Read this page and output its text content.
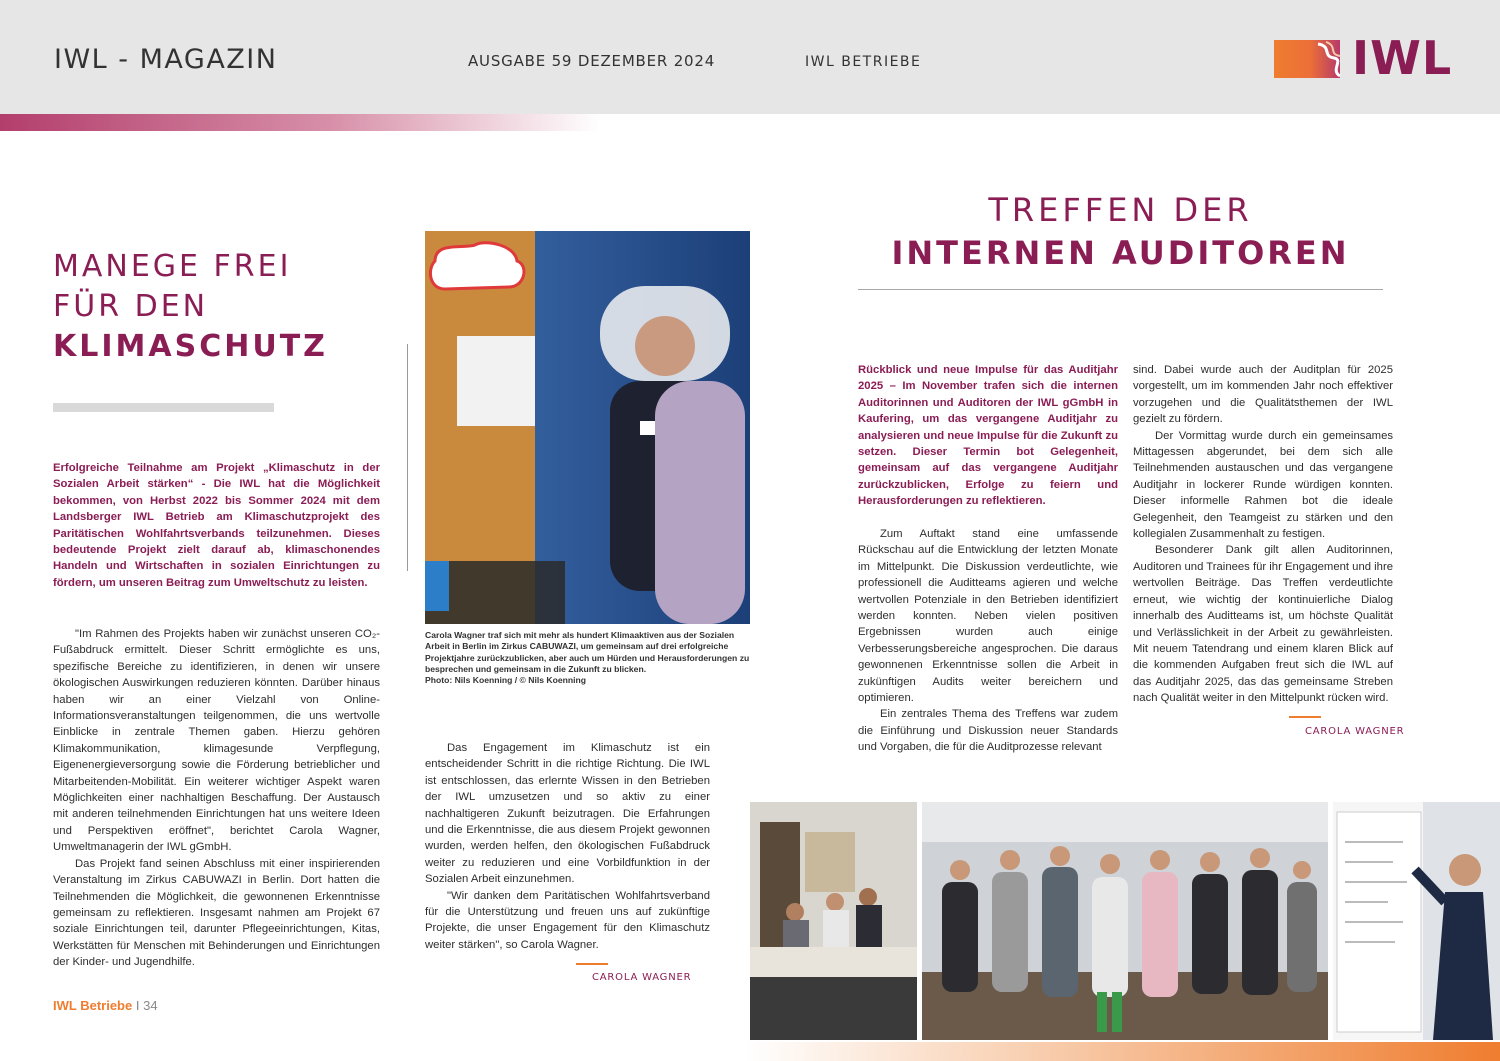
IWL - MAGAZIN	AUSGABE 59 DEZEMBER 2024	IWL BETRIEBE	IWL
MANEGE FREI
FÜR DEN
KLIMASCHUTZ

Erfolgreiche Teilnahme am Projekt „Klimaschutz in der Sozialen Arbeit stärken“ - Die IWL hat die Möglichkeit bekommen, von Herbst 2022 bis Sommer 2024 mit dem Landsberger IWL Betrieb am Klimaschutzprojekt des Paritätischen Wohlfahrtsverbands teilzunehmen. Dieses bedeutende Projekt zielt darauf ab, klimaschonendes Handeln und Wirtschaften in sozialen Einrichtungen zu fördern, um unseren Beitrag zum Umweltschutz zu leisten.

"Im Rahmen des Projekts haben wir zunächst unseren CO₂-Fußabdruck ermittelt. Dieser Schritt ermöglichte es uns, spezifische Bereiche zu identifizieren, in denen wir unsere ökologischen Auswirkungen reduzieren könnten. Darüber hinaus haben wir an einer Vielzahl von Online-Informationsveranstaltungen teilgenommen, die uns wertvolle Einblicke in zentrale Themen gaben. Hierzu gehören Klimakommunikation, klimagesunde Verpflegung, Eigenenergieversorgung sowie die Förderung betrieblicher und Mitarbeitenden-Mobilität. Ein weiterer wichtiger Aspekt waren Möglichkeiten einer nachhaltigen Beschaffung. Der Austausch mit anderen teilnehmenden Einrichtungen hat uns weitere Ideen und Perspektiven eröffnet", berichtet Carola Wagner, Umweltmanagerin der IWL gGmbH.

Das Projekt fand seinen Abschluss mit einer inspirierenden Veranstaltung im Zirkus CABUWAZI in Berlin. Dort hatten die Teilnehmenden die Möglichkeit, die gewonnenen Erkenntnisse gemeinsam zu reflektieren. Insgesamt nahmen am Projekt 67 soziale Einrichtungen teil, darunter Pflegeeinrichtungen, Kitas, Werkstätten für Menschen mit Behinderungen und Einrichtungen der Kinder- und Jugendhilfe.

Carola Wagner traf sich mit mehr als hundert Klimaaktiven aus der Sozialen Arbeit in Berlin im Zirkus CABUWAZI, um gemeinsam auf drei erfolgreiche Projektjahre zurückzublicken, aber auch um Hürden und Herausforderungen zu besprechen und gemeinsam in die Zukunft zu blicken.
Photo: Nils Koenning / © Nils Koenning

Das Engagement im Klimaschutz ist ein entscheidender Schritt in die richtige Richtung. Die IWL ist entschlossen, das erlernte Wissen in den Betrieben der IWL umzusetzen und so aktiv zu einer nachhaltigeren Zukunft beizutragen. Die Erfahrungen und die Erkenntnisse, die aus diesem Projekt gewonnen wurden, werden helfen, den ökologischen Fußabdruck weiter zu reduzieren und eine Vorbildfunktion in der Sozialen Arbeit einzunehmen.

"Wir danken dem Paritätischen Wohlfahrtsverband für die Unterstützung und freuen uns auf zukünftige Projekte, die unser Engagement für den Klimaschutz weiter stärken", so Carola Wagner.

CAROLA WAGNER
TREFFEN DER
INTERNEN AUDITOREN

Rückblick und neue Impulse für das Auditjahr 2025 – Im November trafen sich die internen Auditorinnen und Auditoren der IWL gGmbH in Kaufering, um das vergangene Auditjahr zu analysieren und neue Impulse für die Zukunft zu setzen. Dieser Termin bot Gelegenheit, gemeinsam auf das vergangene Auditjahr zurückzublicken, Erfolge zu feiern und Herausforderungen zu reflektieren.

Zum Auftakt stand eine umfassende Rückschau auf die Entwicklung der letzten Monate im Mittelpunkt. Die Diskussion verdeutlichte, wie professionell die Auditteams agieren und welche wertvollen Potenziale in den Betrieben identifiziert werden konnten. Neben vielen positiven Ergebnissen wurden auch einige Verbesserungsbereiche angesprochen. Die daraus gewonnenen Erkenntnisse sollen die Arbeit in zukünftigen Audits weiter bereichern und optimieren.

Ein zentrales Thema des Treffens war zudem die Einführung und Diskussion neuer Standards und Vorgaben, die für die Auditprozesse relevant

sind. Dabei wurde auch der Auditplan für 2025 vorgestellt, um im kommenden Jahr noch effektiver vorzugehen und die Qualitätsthemen der IWL gezielt zu fördern.

Der Vormittag wurde durch ein gemeinsames Mittagessen abgerundet, bei dem sich alle Teilnehmenden austauschen und das vergangene Auditjahr in lockerer Runde würdigen konnten. Dieser informelle Rahmen bot die ideale Gelegenheit, den Teamgeist zu stärken und den kollegialen Zusammenhalt zu festigen.

Besonderer Dank gilt allen Auditorinnen, Auditoren und Trainees für ihr Engagement und ihre wertvollen Beiträge. Das Treffen verdeutlichte erneut, wie wichtig der kontinuierliche Dialog innerhalb des Auditteams ist, um höchste Qualität und Verlässlichkeit in der Arbeit zu gewährleisten. Mit neuem Tatendrang und einem klaren Blick auf die kommenden Aufgaben freut sich die IWL auf das Auditjahr 2025, das das gemeinsame Streben nach Qualität weiter in den Mittelpunkt rücken wird.

CAROLA WAGNER
IWL Betriebe I 34
